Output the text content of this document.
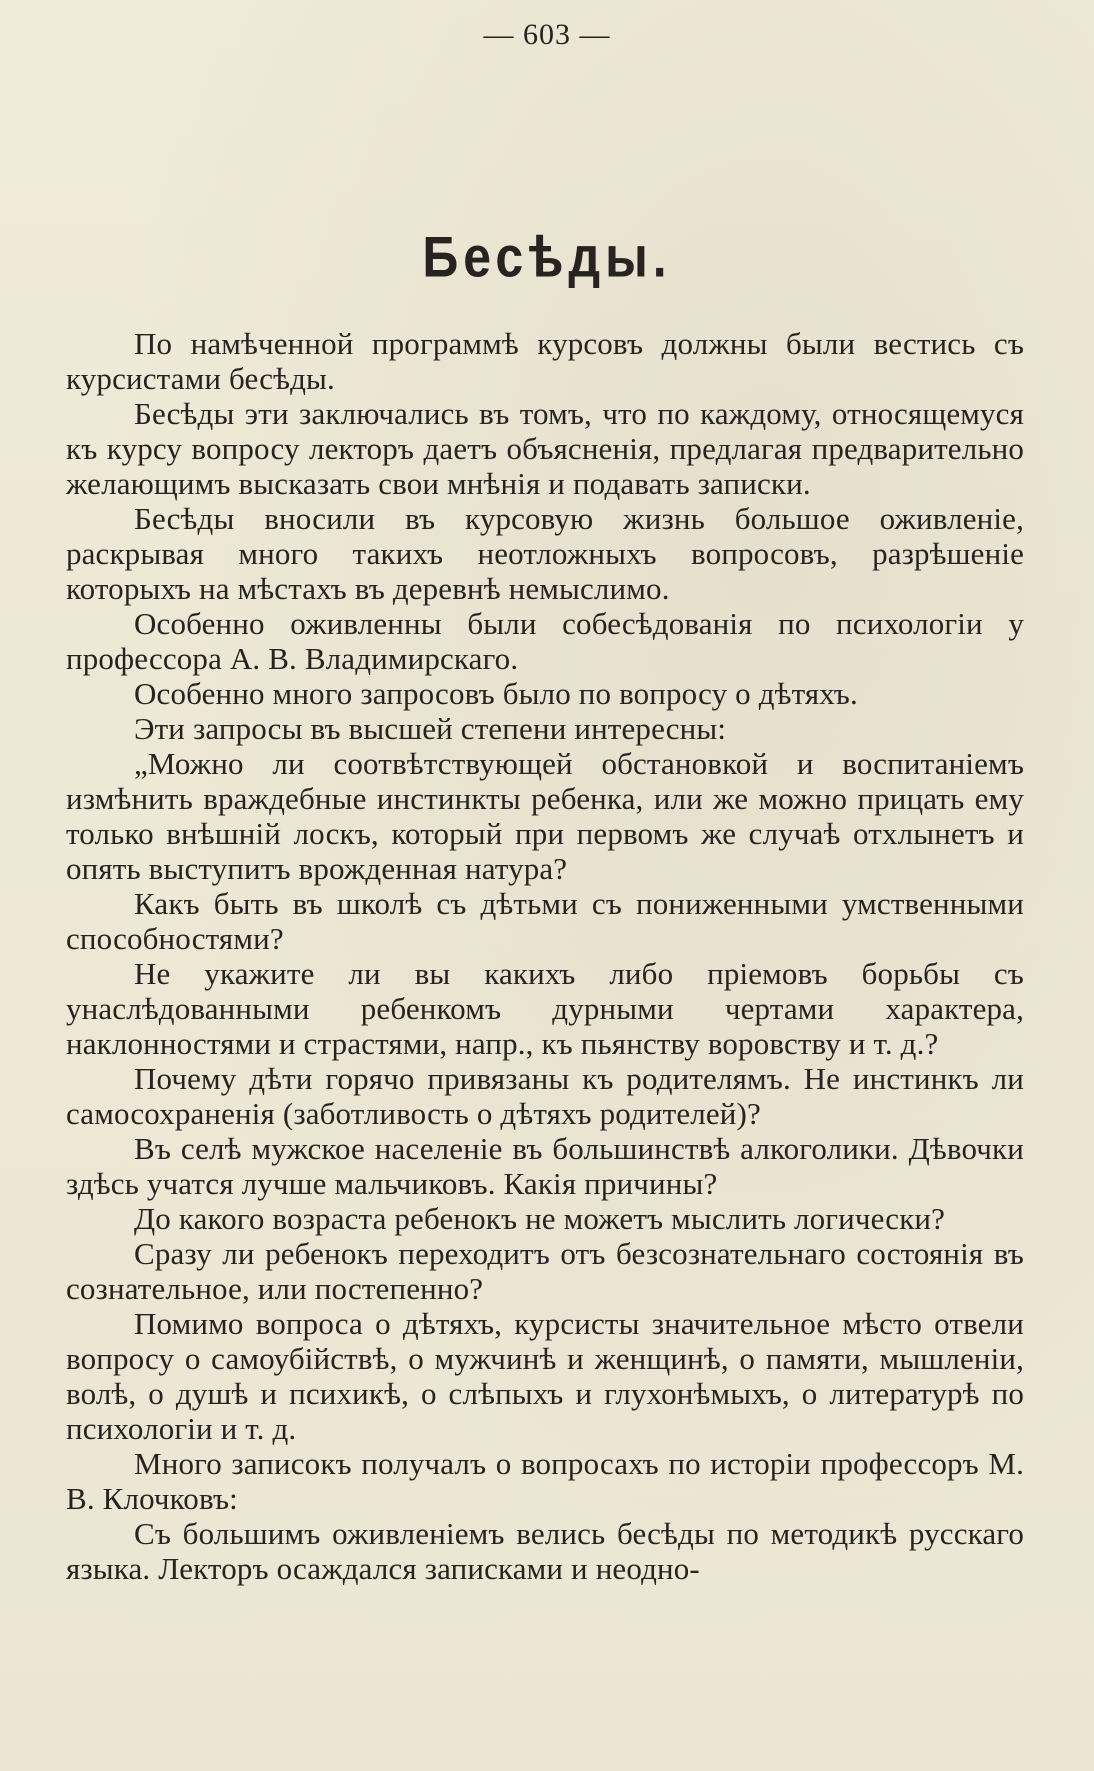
— 603 —
Бесѣды.

По намѣченной программѣ курсовъ должны были вестись съ курсистами бесѣды.

Бесѣды эти заключались въ томъ, что по каждому, относящемуся къ курсу вопросу лекторъ даетъ объясненія, предлагая предварительно желающимъ высказать свои мнѣнія и подавать записки.

Бесѣды вносили въ курсовую жизнь большое оживленіе, раскрывая много такихъ неотложныхъ вопросовъ, разрѣшеніе которыхъ на мѣстахъ въ деревнѣ немыслимо.

Особенно оживленны были собесѣдованія по психологіи у профессора А. В. Владимирскаго.

Особенно много запросовъ было по вопросу о дѣтяхъ.

Эти запросы въ высшей степени интересны:

„Можно ли соотвѣтствующей обстановкой и воспитаніемъ измѣнить враждебные инстинкты ребенка, или же можно прицать ему только внѣшній лоскъ, который при первомъ же случаѣ отхлынетъ и опять выступитъ врожденная натура?

Какъ быть въ школѣ съ дѣтьми съ пониженными умственными способностями?

Не укажите ли вы какихъ либо пріемовъ борьбы съ унаслѣдованными ребенкомъ дурными чертами характера, наклонностями и страстями, напр., къ пьянству воровству и т. д.?

Почему дѣти горячо привязаны къ родителямъ. Не инстинкъ ли самосохраненія (заботливость о дѣтяхъ родителей)?

Въ селѣ мужское населеніе въ большинствѣ алкоголики. Дѣвочки здѣсь учатся лучше мальчиковъ. Какія причины?

До какого возраста ребенокъ не можетъ мыслить логически?

Сразу ли ребенокъ переходитъ отъ безсознательнаго состоянія въ сознательное, или постепенно?

Помимо вопроса о дѣтяхъ, курсисты значительное мѣсто отвели вопросу о самоубійствѣ, о мужчинѣ и женщинѣ, о памяти, мышленіи, волѣ, о душѣ и психикѣ, о слѣпыхъ и глухонѣмыхъ, о литературѣ по психологіи и т. д.

Много записокъ получалъ о вопросахъ по исторіи профессоръ М. В. Клочковъ:

Съ большимъ оживленіемъ велись бесѣды по методикѣ русскаго языка. Лекторъ осаждался записками и неодно-
